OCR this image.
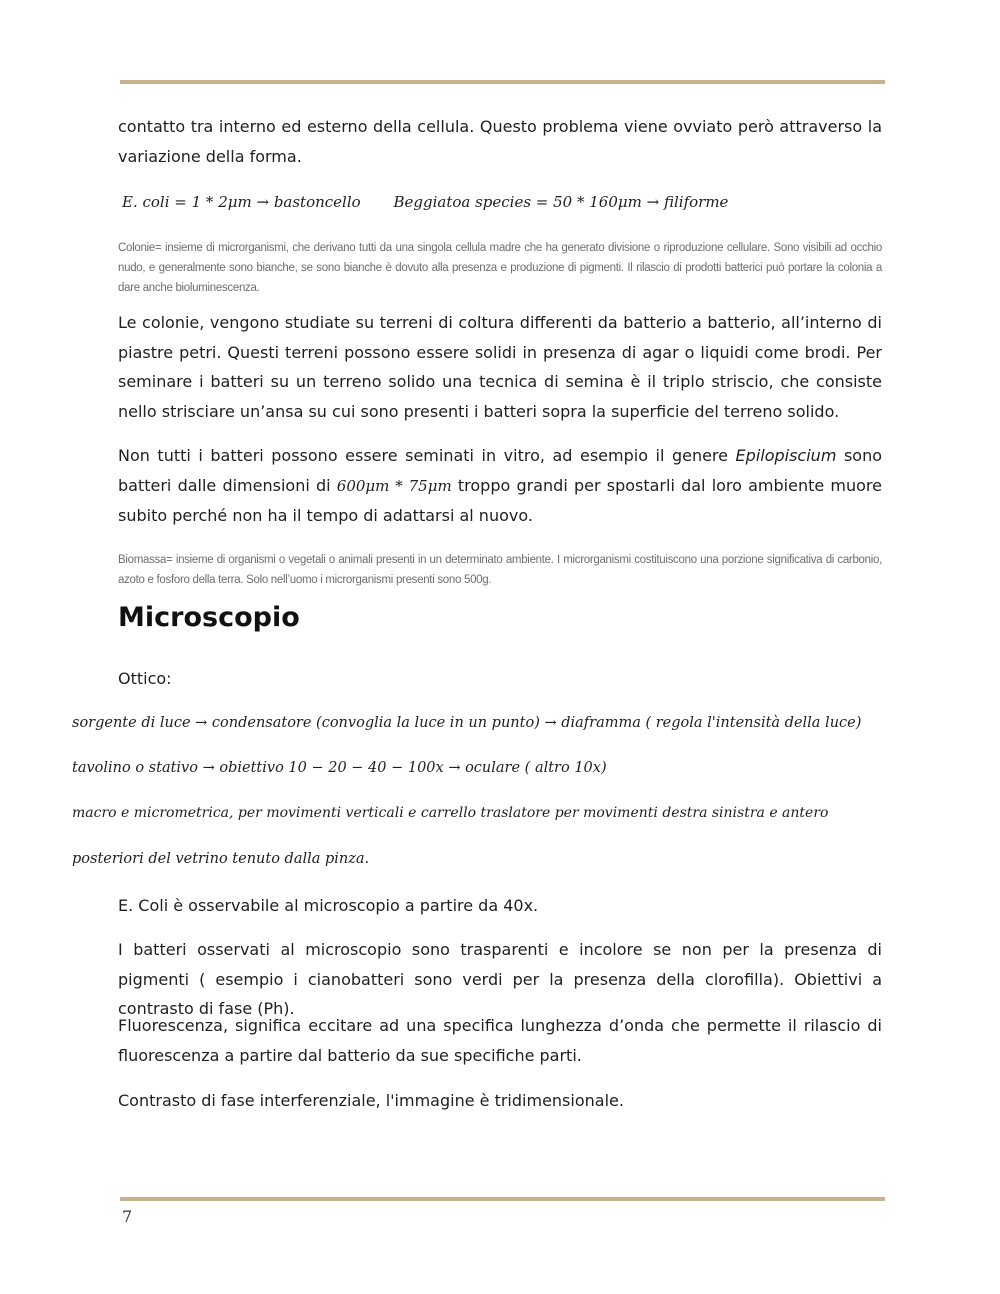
contatto tra interno ed esterno della cellula. Questo problema viene ovviato però attraverso la variazione della forma.
E. coli = 1 * 2μm → bastoncello Beggiatoa species = 50 * 160μm → filiforme
Colonie= insieme di microrganismi, che derivano tutti da una singola cellula madre che ha generato divisione o riproduzione cellulare. Sono visibili ad occhio nudo, e generalmente sono bianche, se sono bianche è dovuto alla presenza e produzione di pigmenti. Il rilascio di prodotti batterici può portare la colonia a dare anche bioluminescenza.
Le colonie, vengono studiate su terreni di coltura differenti da batterio a batterio, all’interno di piastre petri. Questi terreni possono essere solidi in presenza di agar o liquidi come brodi. Per seminare i batteri su un terreno solido una tecnica di semina è il triplo striscio, che consiste nello strisciare un’ansa su cui sono presenti i batteri sopra la superficie del terreno solido.
Non tutti i batteri possono essere seminati in vitro, ad esempio il genere Epilopiscium sono batteri dalle dimensioni di 600μm * 75μm troppo grandi per spostarli dal loro ambiente muore subito perché non ha il tempo di adattarsi al nuovo.
Biomassa= insieme di organismi o vegetali o animali presenti in un determinato ambiente. I microrganismi costituiscono una porzione significativa di carbonio, azoto e fosforo della terra. Solo nell’uomo i microrganismi presenti sono 500g.
Microscopio
Ottico:
sorgente di luce → condensatore (convoglia la luce in un punto) → diaframma ( regola l'intensità della luce)
tavolino o stativo → obiettivo 10 − 20 − 40 − 100x → oculare ( altro 10x)
macro e micrometrica, per movimenti verticali e carrello traslatore per movimenti destra sinistra e antero
posteriori del vetrino tenuto dalla pinza.
E. Coli è osservabile al microscopio a partire da 40x.
I batteri osservati al microscopio sono trasparenti e incolore se non per la presenza di pigmenti ( esempio i cianobatteri sono verdi per la presenza della clorofilla). Obiettivi a contrasto di fase (Ph).
Fluorescenza, significa eccitare ad una specifica lunghezza d’onda che permette il rilascio di fluorescenza a partire dal batterio da sue specifiche parti.
Contrasto di fase interferenziale, l'immagine è tridimensionale.
7
